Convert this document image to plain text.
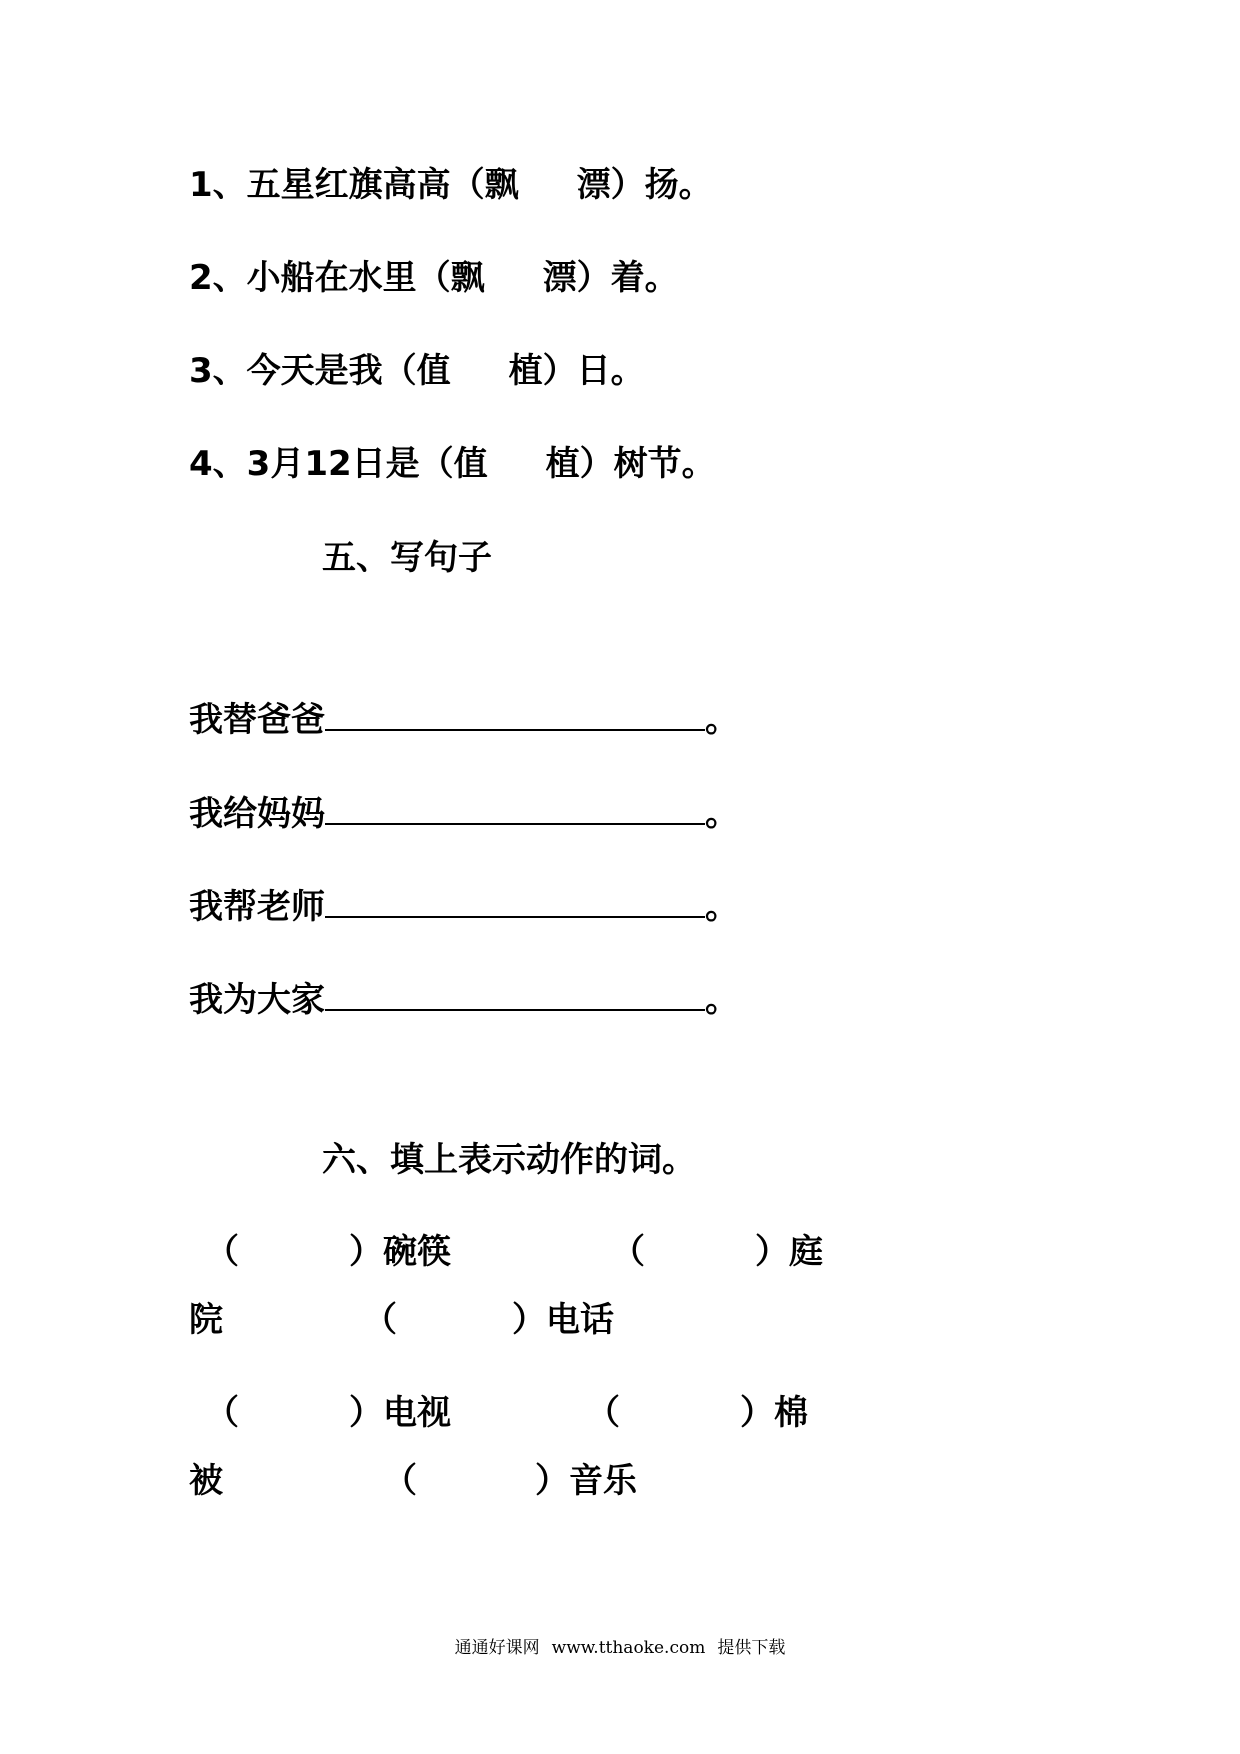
1、五星红旗高高（飘 漂）扬。
2、小船在水里（飘 漂）着。
3、今天是我（值 植）日。
4、3月12日是（值 植）树节。
五、写句子
我替爸爸	。
我给妈妈	。
我帮老师	。
我为大家	。
六、填上表示动作的词。
（	）碗筷	（	）庭
院	（	）电话
（	）电视	（	）棉
被	（	）音乐
通通好课网 www.tthaoke.com 提供下载
